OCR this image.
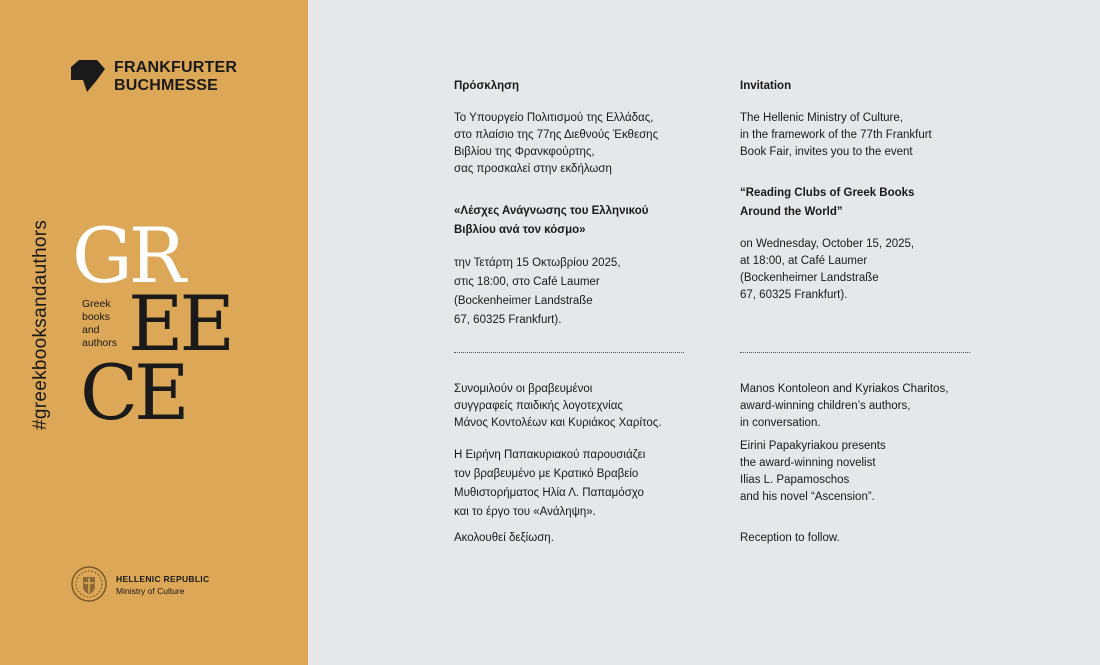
FRANKFURTER
BUCHMESSE
#greekbooksandauthors GR
EE
CE
Greek
books
and
authors
HELLENIC REPUBLIC
Ministry of Culture
Πρόσκληση
Το Υπουργείο Πολιτισμού της Ελλάδας,
στο πλαίσιο της 77ης Διεθνούς Έκθεσης
Βιβλίου της Φρανκφούρτης,
σας προσκαλεί στην εκδήλωση
«Λέσχες Ανάγνωσης του Ελληνικού
Βιβλίου ανά τον κόσμο»
την Τετάρτη 15 Οκτωβρίου 2025,
στις 18:00, στο Café Laumer
(Bockenheimer Landstraße
67, 60325 Frankfurt).
Συνομιλούν οι βραβευμένοι
συγγραφείς παιδικής λογοτεχνίας
Μάνος Κοντολέων και Κυριάκος Χαρίτος.
Η Ειρήνη Παπακυριακού παρουσιάζει
τον βραβευμένο με Κρατικό Βραβείο
Μυθιστορήματος Ηλία Λ. Παπαμόσχο
και το έργο του «Ανάληψη».
Ακολουθεί δεξίωση.
Invitation
The Hellenic Ministry of Culture,
in the framework of the 77th Frankfurt
Book Fair, invites you to the event
“Reading Clubs of Greek Books
Around the World”
on Wednesday, October 15, 2025,
at 18:00, at Café Laumer
(Bockenheimer Landstraße
67, 60325 Frankfurt).
Manos Kontoleon and Kyriakos Charitos,
award-winning children’s authors,
in conversation.
Eirini Papakyriakou presents
the award-winning novelist
Ilias L. Papamoschos
and his novel “Ascension”.
Reception to follow.
